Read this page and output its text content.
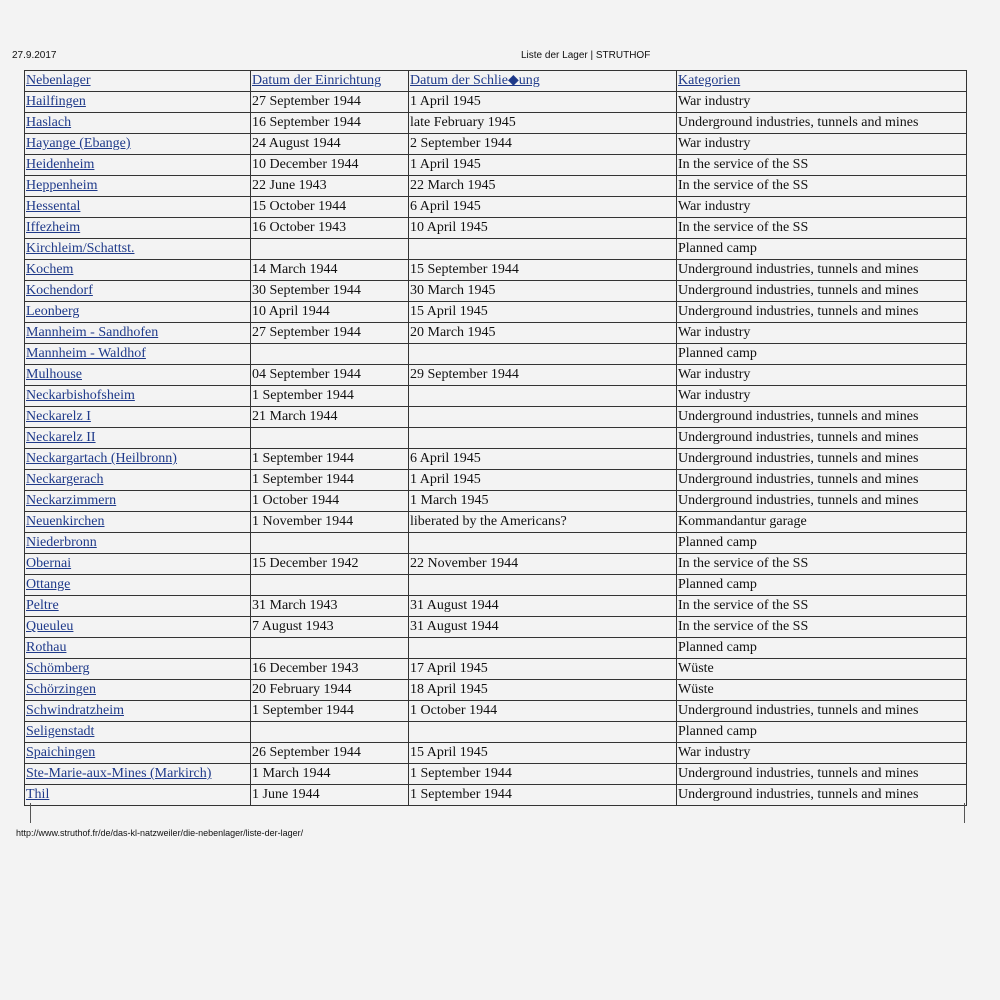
27.9.2017	Liste der Lager | STRUTHOF
Nebenlager	Datum der Einrichtung	Datum der Schlie◆ung	Kategorien
Hailfingen	27 September 1944	1 April 1945	War industry
Haslach	16 September 1944	late February 1945	Underground industries, tunnels and mines
Hayange (Ebange)	24 August 1944	2 September 1944	War industry
Heidenheim	10 December 1944	1 April 1945	In the service of the SS
Heppenheim	22 June 1943	22 March 1945	In the service of the SS
Hessental	15 October 1944	6 April 1945	War industry
Iffezheim	16 October 1943	10 April 1945	In the service of the SS
Kirchleim/Schattst.			Planned camp
Kochem	14 March 1944	15 September 1944	Underground industries, tunnels and mines
Kochendorf	30 September 1944	30 March 1945	Underground industries, tunnels and mines
Leonberg	10 April 1944	15 April 1945	Underground industries, tunnels and mines
Mannheim - Sandhofen	27 September 1944	20 March 1945	War industry
Mannheim - Waldhof			Planned camp
Mulhouse	04 September 1944	29 September 1944	War industry
Neckarbishofsheim	1 September 1944		War industry
Neckarelz I	21 March 1944		Underground industries, tunnels and mines
Neckarelz II			Underground industries, tunnels and mines
Neckargartach (Heilbronn)	1 September 1944	6 April 1945	Underground industries, tunnels and mines
Neckargerach	1 September 1944	1 April 1945	Underground industries, tunnels and mines
Neckarzimmern	1 October 1944	1 March 1945	Underground industries, tunnels and mines
Neuenkirchen	1 November 1944	liberated by the Americans?	Kommandantur garage
Niederbronn			Planned camp
Obernai	15 December 1942	22 November 1944	In the service of the SS
Ottange			Planned camp
Peltre	31 March 1943	31 August 1944	In the service of the SS
Queuleu	7 August 1943	31 August 1944	In the service of the SS
Rothau			Planned camp
Schömberg	16 December 1943	17 April 1945	Wüste
Schörzingen	20 February 1944	18 April 1945	Wüste
Schwindratzheim	1 September 1944	1 October 1944	Underground industries, tunnels and mines
Seligenstadt			Planned camp
Spaichingen	26 September 1944	15 April 1945	War industry
Ste-Marie-aux-Mines (Markirch)	1 March 1944	1 September 1944	Underground industries, tunnels and mines
Thil	1 June 1944	1 September 1944	Underground industries, tunnels and mines
http://www.struthof.fr/de/das-kl-natzweiler/die-nebenlager/liste-der-lager/
